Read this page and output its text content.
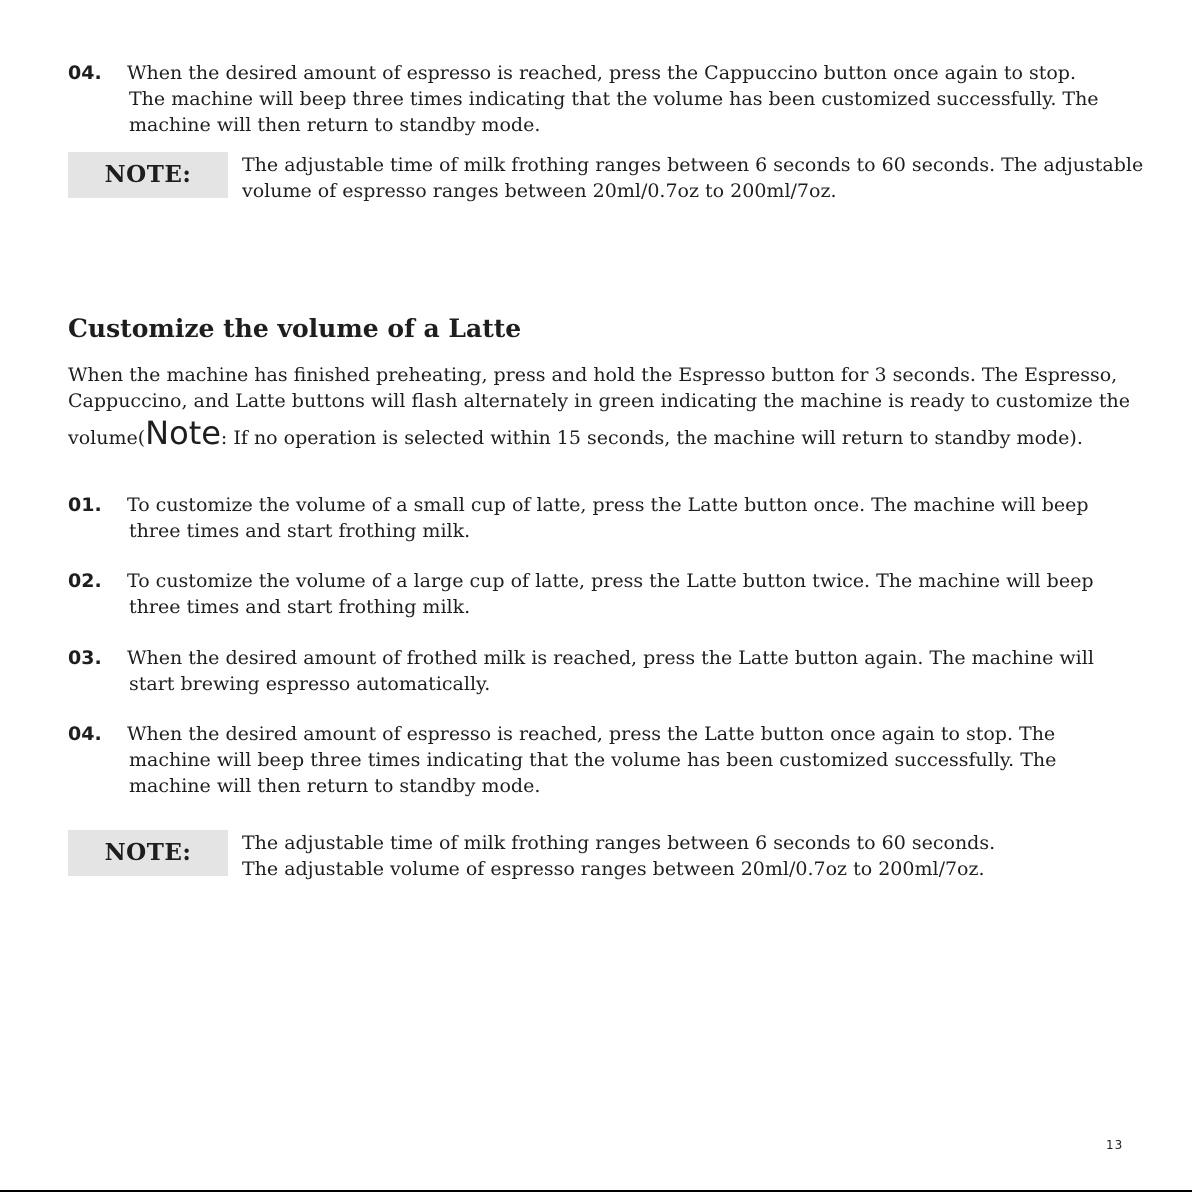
04.	When the desired amount of espresso is reached, press the Cappuccino button once again to stop. The machine will beep three times indicating that the volume has been customized successfully. The machine will then return to standby mode.
NOTE:	The adjustable time of milk frothing ranges between 6 seconds to 60 seconds. The adjustable
volume of espresso ranges between 20ml/0.7oz to 200ml/7oz.
Customize the volume of a Latte
When the machine has finished preheating, press and hold the Espresso button for 3 seconds. The Espresso,
Cappuccino, and Latte buttons will flash alternately in green indicating the machine is ready to customize the
volume(Note: If no operation is selected within 15 seconds, the machine will return to standby mode).
01.	To customize the volume of a small cup of latte, press the Latte button once. The machine will beep three times and start frothing milk.
02.	To customize the volume of a large cup of latte, press the Latte button twice. The machine will beep three times and start frothing milk.
03.	When the desired amount of frothed milk is reached, press the Latte button again. The machine will start brewing espresso automatically.
04.	When the desired amount of espresso is reached, press the Latte button once again to stop. The machine will beep three times indicating that the volume has been customized successfully. The machine will then return to standby mode.
NOTE:	The adjustable time of milk frothing ranges between 6 seconds to 60 seconds.
The adjustable volume of espresso ranges between 20ml/0.7oz to 200ml/7oz.
13
